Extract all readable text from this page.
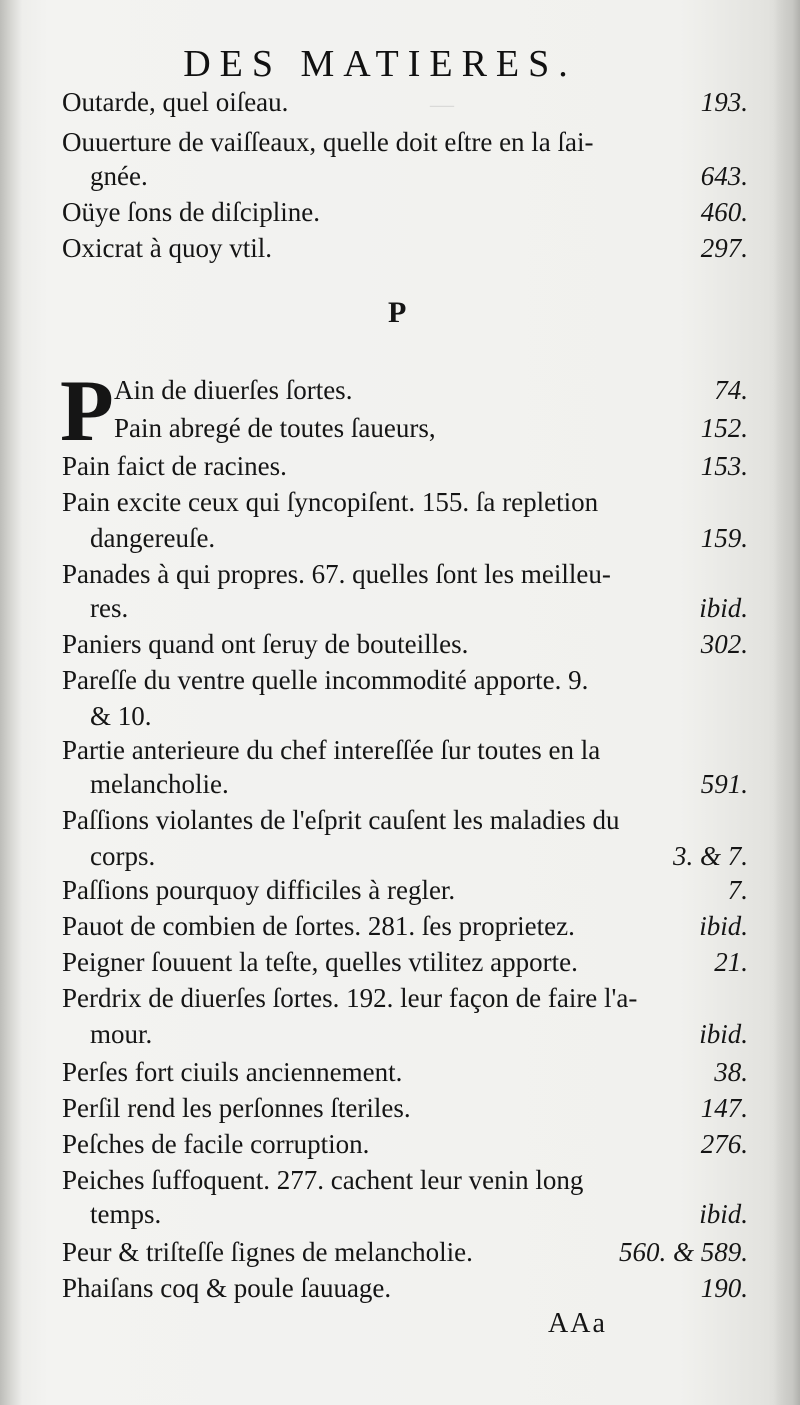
—
DES MATIERES.
Outarde, quel oiſeau.	193.
Ouuerture de vaiſſeaux, quelle doit eſtre en la ſai-
gnée.	643.
Oüye ſons de diſcipline.	460.
Oxicrat à quoy vtil.	297.
P
P Ain de diuerſes ſortes.	74.
Pain abregé de toutes ſaueurs,	152.
Pain faict de racines.	153.
Pain excite ceux qui ſyncopiſent. 155. ſa repletion
dangereuſe.	159.
Panades à qui propres. 67. quelles ſont les meilleu-
res.	ibid.
Paniers quand ont ſeruy de bouteilles.	302.
Pareſſe du ventre quelle incommodité apporte. 9.
& 10.
Partie anterieure du chef intereſſée ſur toutes en la
melancholie.	591.
Paſſions violantes de l'eſprit cauſent les maladies du
corps.	3. & 7.
Paſſions pourquoy difficiles à regler.	7.
Pauot de combien de ſortes. 281. ſes proprietez.	ibid.
Peigner ſouuent la teſte, quelles vtilitez apporte.	21.
Perdrix de diuerſes ſortes. 192. leur façon de faire l'a-
mour.	ibid.
Perſes fort ciuils anciennement.	38.
Perſil rend les perſonnes ſteriles.	147.
Peſches de facile corruption.	276.
Peiches ſuffoquent. 277. cachent leur venin long
temps.	ibid.
Peur & triſteſſe ſignes de melancholie.	560. & 589.
Phaiſans coq & poule ſauuage.	190.
AAa
